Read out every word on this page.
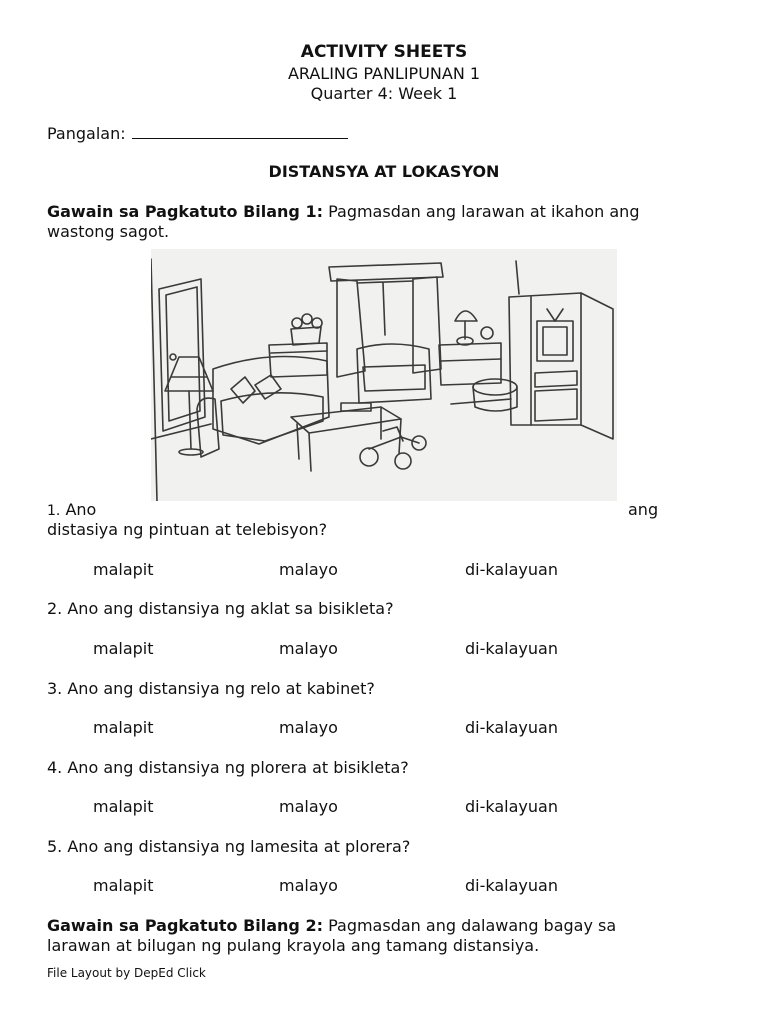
ACTIVITY SHEETS
ARALING PANLIPUNAN 1
Quarter 4: Week 1
Pangalan:
DISTANSYA AT LOKASYON
Gawain sa Pagkatuto Bilang 1: Pagmasdan ang larawan at ikahon ang
wastong sagot.
1. Ano	ang
distasiya ng pintuan at telebisyon?
malapit	malayo	di-kalayuan
2. Ano ang distansiya ng aklat sa bisikleta?
malapit	malayo	di-kalayuan
3. Ano ang distansiya ng relo at kabinet?
malapit	malayo	di-kalayuan
4. Ano ang distansiya ng plorera at bisikleta?
malapit	malayo	di-kalayuan
5. Ano ang distansiya ng lamesita at plorera?
malapit	malayo	di-kalayuan
Gawain sa Pagkatuto Bilang 2: Pagmasdan ang dalawang bagay sa
larawan at bilugan ng pulang krayola ang tamang distansiya.
File Layout by DepEd Click
